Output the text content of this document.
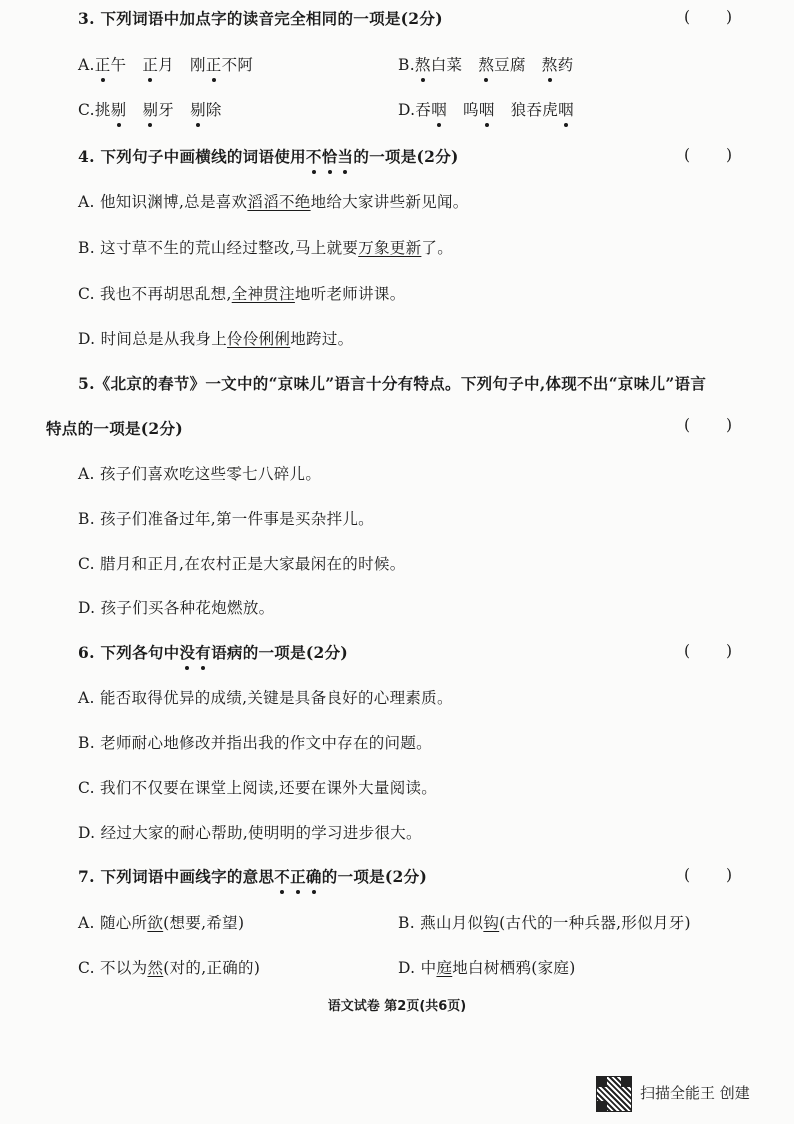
3. 下列词语中加点字的读音完全相同的一项是(2分)	( )
A.正午 正月 刚正不阿	B.熬白菜 熬豆腐 熬药
C.挑剔 剔牙 剔除	D.吞咽 呜咽 狼吞虎咽
4. 下列句子中画横线的词语使用不恰当的一项是(2分)	( )
A. 他知识渊博,总是喜欢滔滔不绝地给大家讲些新见闻。
B. 这寸草不生的荒山经过整改,马上就要万象更新了。
C. 我也不再胡思乱想,全神贯注地听老师讲课。
D. 时间总是从我身上伶伶俐俐地跨过。
5.《北京的春节》一文中的“京味儿”语言十分有特点。下列句子中,体现不出“京味儿”语言
特点的一项是(2分)	( )
A. 孩子们喜欢吃这些零七八碎儿。
B. 孩子们准备过年,第一件事是买杂拌儿。
C. 腊月和正月,在农村正是大家最闲在的时候。
D. 孩子们买各种花炮燃放。
6. 下列各句中没有语病的一项是(2分)	( )
A. 能否取得优异的成绩,关键是具备良好的心理素质。
B. 老师耐心地修改并指出我的作文中存在的问题。
C. 我们不仅要在课堂上阅读,还要在课外大量阅读。
D. 经过大家的耐心帮助,使明明的学习进步很大。
7. 下列词语中画线字的意思不正确的一项是(2分)	( )
A. 随心所欲(想要,希望)	B. 燕山月似钩(古代的一种兵器,形似月牙)
C. 不以为然(对的,正确的)	D. 中庭地白树栖鸦(家庭)
语文试卷 第2页(共6页)
扫描全能王 创建
